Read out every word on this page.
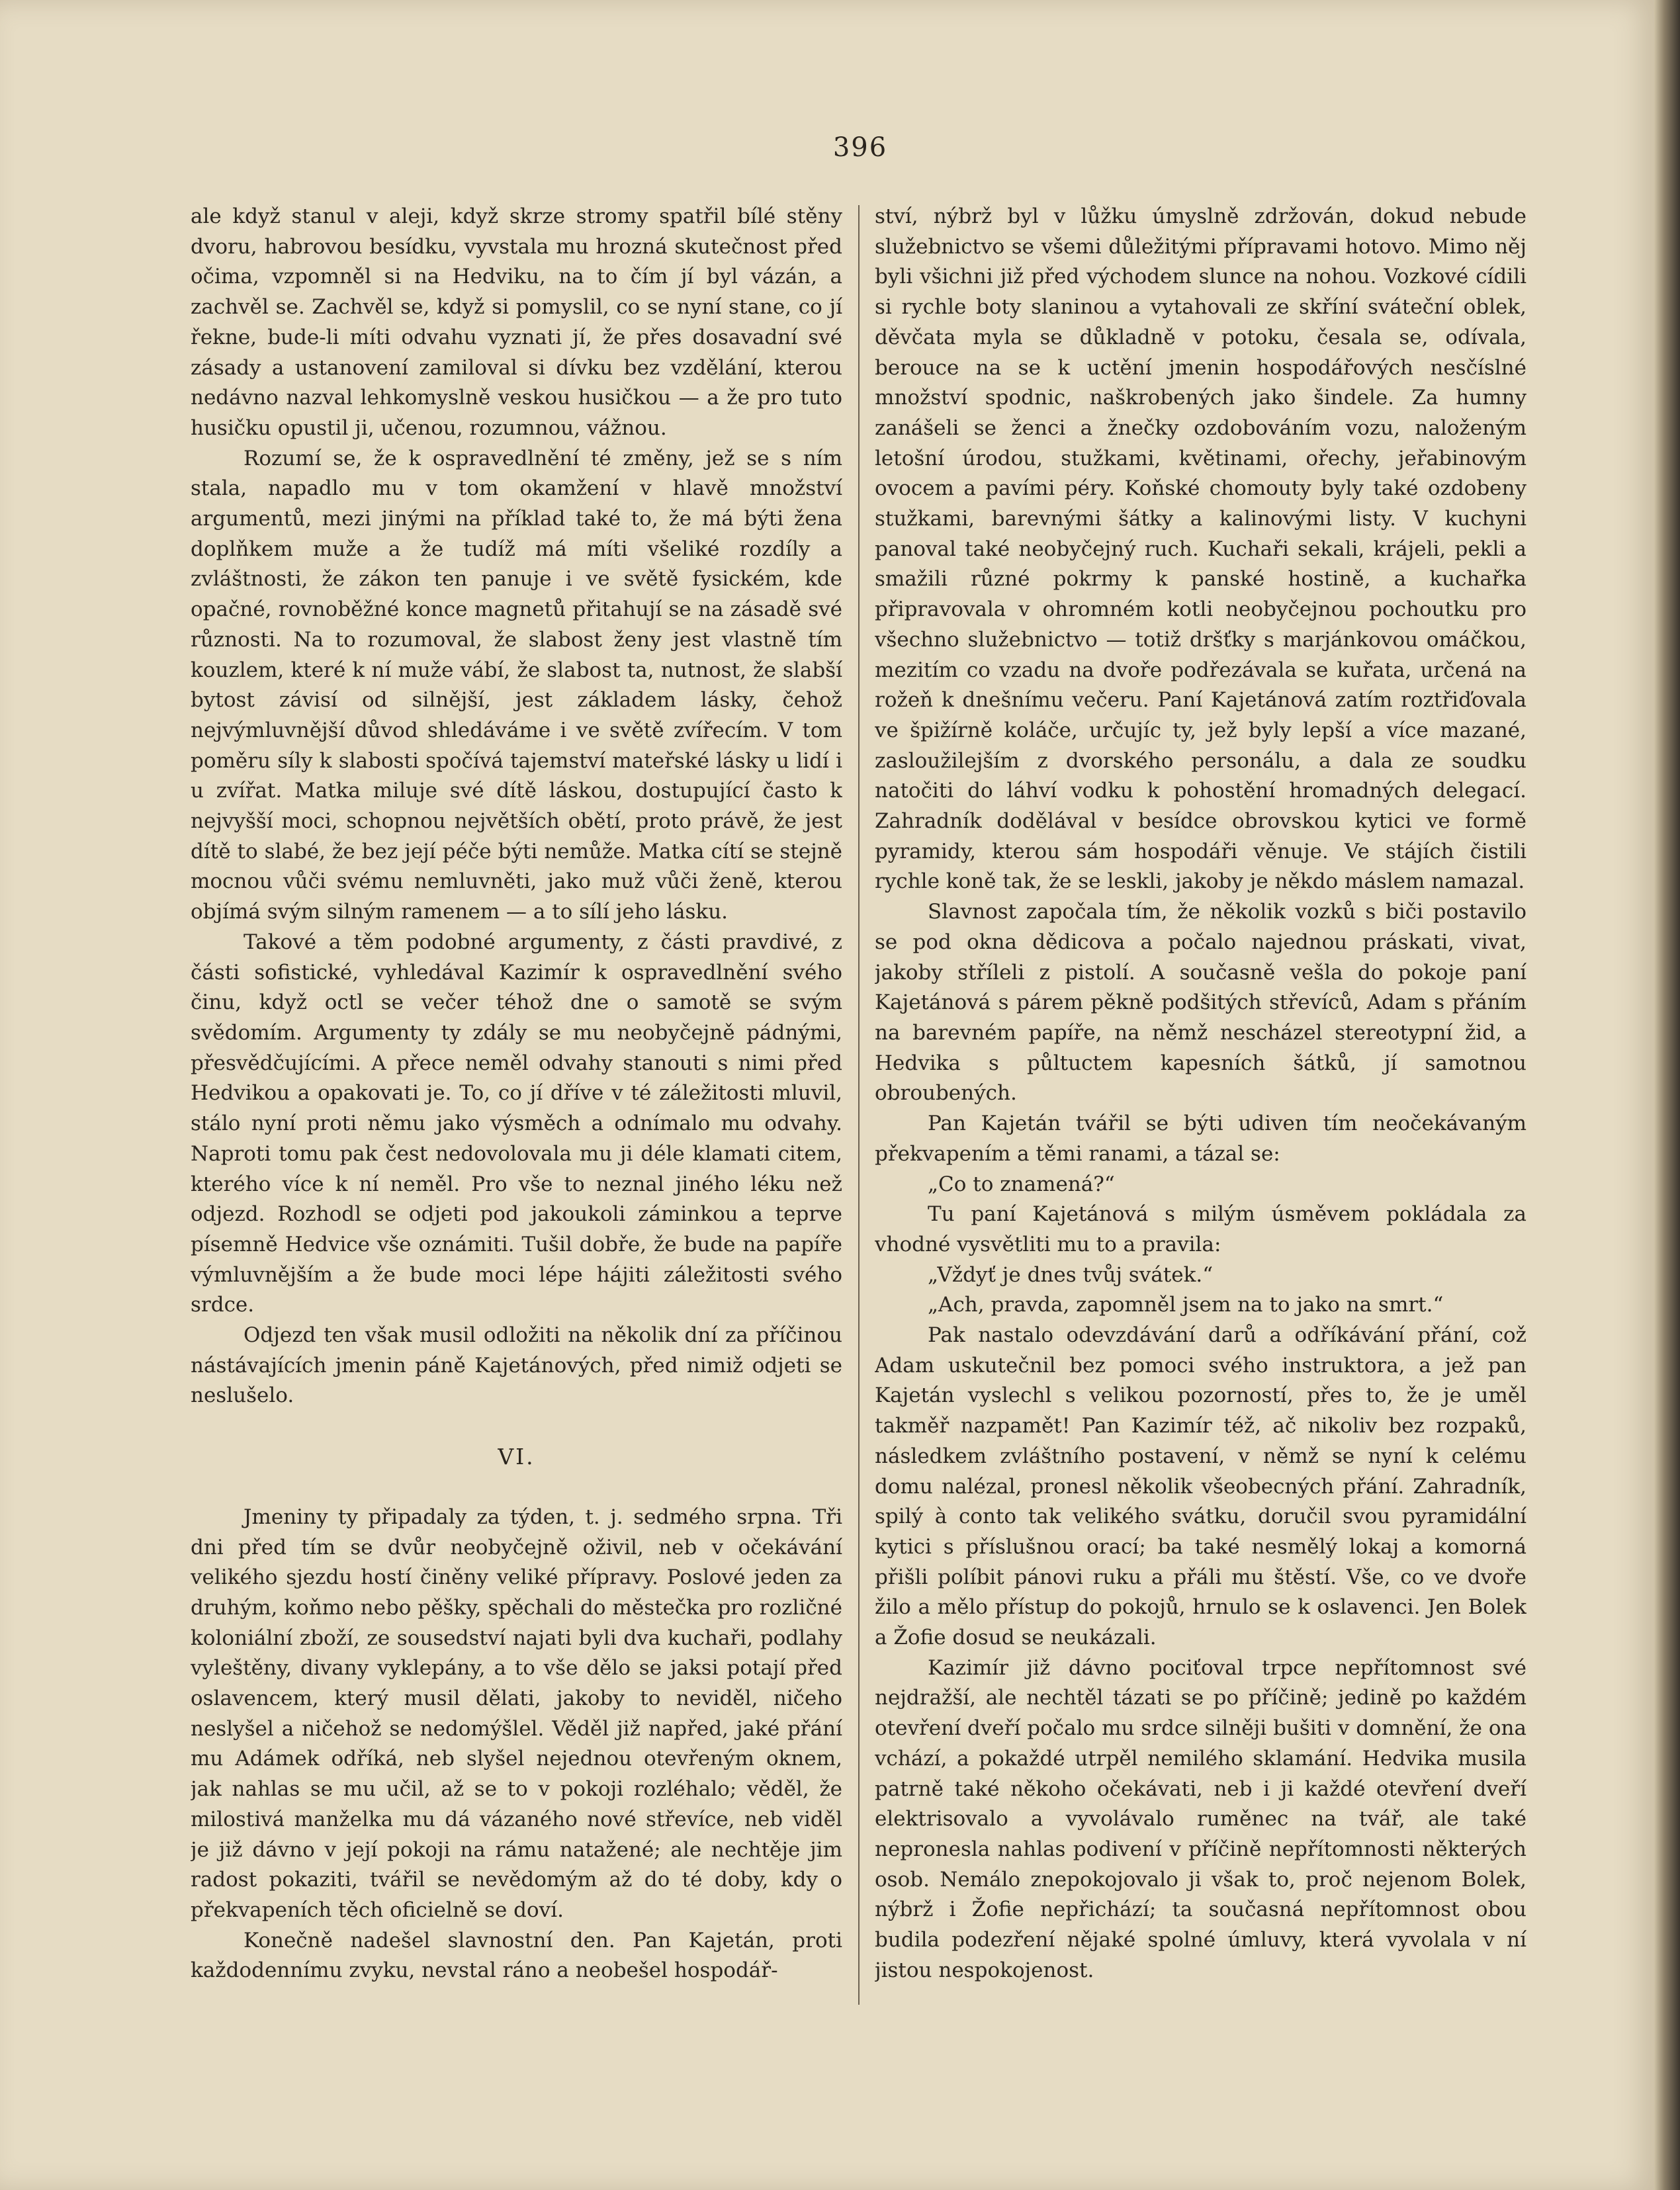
396

ale když stanul v aleji, když skrze stromy spatřil bílé stěny dvoru, habrovou besídku, vyvstala mu hrozná skutečnost před očima, vzpomněl si na Hedviku, na to čím jí byl vázán, a zachvěl se. Zachvěl se, když si pomyslil, co se nyní stane, co jí řekne, bude-li míti odvahu vyznati jí, že přes dosavadní své zásady a ustanovení zamiloval si dívku bez vzdělání, kterou nedávno nazval lehkomyslně veskou husičkou — a že pro tuto husičku opustil ji, učenou, rozumnou, vážnou.

Rozumí se, že k ospravedlnění té změny, jež se s ním stala, napadlo mu v tom okamžení v hlavě množství argumentů, mezi jinými na příklad také to, že má býti žena doplňkem muže a že tudíž má míti všeliké rozdíly a zvláštnosti, že zákon ten panuje i ve světě fysickém, kde opačné, rovnoběžné konce magnetů přitahují se na zásadě své různosti. Na to rozumoval, že slabost ženy jest vlastně tím kouzlem, které k ní muže vábí, že slabost ta, nutnost, že slabší bytost závisí od silnější, jest základem lásky, čehož nejvýmluvnější důvod shledáváme i ve světě zvířecím. V tom poměru síly k slabosti spočívá tajemství mateřské lásky u lidí i u zvířat. Matka miluje své dítě láskou, dostupující často k nejvyšší moci, schopnou největších obětí, proto právě, že jest dítě to slabé, že bez její péče býti nemůže. Matka cítí se stejně mocnou vůči svému nemluvněti, jako muž vůči ženě, kterou objímá svým silným ramenem — a to sílí jeho lásku.

Takové a těm podobné argumenty, z části pravdivé, z části sofistické, vyhledával Kazimír k ospravedlnění svého činu, když octl se večer téhož dne o samotě se svým svědomím. Argumenty ty zdály se mu neobyčejně pádnými, přesvědčujícími. A přece neměl odvahy stanouti s nimi před Hedvikou a opakovati je. To, co jí dříve v té záležitosti mluvil, stálo nyní proti němu jako výsměch a odnímalo mu odvahy. Naproti tomu pak čest nedovolovala mu ji déle klamati citem, kterého více k ní neměl. Pro vše to neznal jiného léku než odjezd. Rozhodl se odjeti pod jakoukoli záminkou a teprve písemně Hedvice vše oznámiti. Tušil dobře, že bude na papíře výmluvnějším a že bude moci lépe hájiti záležitosti svého srdce.

Odjezd ten však musil odložiti na několik dní za příčinou nástávajících jmenin páně Kajetánových, před nimiž odjeti se neslušelo.

VI.

Jmeniny ty připadaly za týden, t. j. sedmého srpna. Tři dni před tím se dvůr neobyčejně oživil, neb v očekávání velikého sjezdu hostí činěny veliké přípravy. Poslové jeden za druhým, koňmo nebo pěšky, spěchali do městečka pro rozličné koloniální zboží, ze sousedství najati byli dva kuchaři, podlahy vyleštěny, divany vyklepány, a to vše dělo se jaksi potají před oslavencem, který musil dělati, jakoby to neviděl, ničeho neslyšel a ničehož se nedomýšlel. Věděl již napřed, jaké přání mu Adámek odříká, neb slyšel nejednou otevřeným oknem, jak nahlas se mu učil, až se to v pokoji rozléhalo; věděl, že milostivá manželka mu dá vázaného nové střevíce, neb viděl je již dávno v její pokoji na rámu natažené; ale nechtěje jim radost pokaziti, tvářil se nevědomým až do té doby, kdy o překvapeních těch oficielně se doví.

Konečně nadešel slavnostní den. Pan Kajetán, proti každodennímu zvyku, nevstal ráno a neobešel hospodář-

ství, nýbrž byl v lůžku úmyslně zdržován, dokud nebude služebnictvo se všemi důležitými přípravami hotovo. Mimo něj byli všichni již před východem slunce na nohou. Vozkové cídili si rychle boty slaninou a vytahovali ze skříní sváteční oblek, děvčata myla se důkladně v potoku, česala se, odívala, berouce na se k uctění jmenin hospodářových nesčíslné množství spodnic, naškrobených jako šindele. Za humny zanášeli se ženci a žnečky ozdobováním vozu, naloženým letošní úrodou, stužkami, květinami, ořechy, jeřabinovým ovocem a pavími péry. Koňské chomouty byly také ozdobeny stužkami, barevnými šátky a kalinovými listy. V kuchyni panoval také neobyčejný ruch. Kuchaři sekali, krájeli, pekli a smažili různé pokrmy k panské hostině, a kuchařka připravovala v ohromném kotli neobyčejnou pochoutku pro všechno služebnictvo — totiž dršťky s marjánkovou omáčkou, mezitím co vzadu na dvoře podřezávala se kuřata, určená na rožeň k dnešnímu večeru. Paní Kajetánová zatím roztřiďovala ve špižírně koláče, určujíc ty, jež byly lepší a více mazané, zasloužilejším z dvorského personálu, a dala ze soudku natočiti do láhví vodku k pohostění hromadných delegací. Zahradník dodělával v besídce obrovskou kytici ve formě pyramidy, kterou sám hospodáři věnuje. Ve stájích čistili rychle koně tak, že se leskli, jakoby je někdo máslem namazal.

Slavnost započala tím, že několik vozků s biči postavilo se pod okna dědicova a počalo najednou práskati, vivat, jakoby stříleli z pistolí. A současně vešla do pokoje paní Kajetánová s párem pěkně podšitých střevíců, Adam s přáním na barevném papíře, na němž nescházel stereotypní žid, a Hedvika s půltuctem kapesních šátků, jí samotnou obroubených.

Pan Kajetán tvářil se býti udiven tím neočekávaným překvapením a těmi ranami, a tázal se:

„Co to znamená?“

Tu paní Kajetánová s milým úsměvem pokládala za vhodné vysvětliti mu to a pravila:

„Vždyť je dnes tvůj svátek.“

„Ach, pravda, zapomněl jsem na to jako na smrt.“

Pak nastalo odevzdávání darů a odříkávání přání, což Adam uskutečnil bez pomoci svého instruktora, a jež pan Kajetán vyslechl s velikou pozorností, přes to, že je uměl takměř nazpamět! Pan Kazimír též, ač nikoliv bez rozpaků, následkem zvláštního postavení, v němž se nyní k celému domu nalézal, pronesl několik všeobecných přání. Zahradník, spilý à conto tak velikého svátku, doručil svou pyramidální kytici s příslušnou orací; ba také nesmělý lokaj a komorná přišli políbit pánovi ruku a přáli mu štěstí. Vše, co ve dvoře žilo a mělo přístup do pokojů, hrnulo se k oslavenci. Jen Bolek a Žofie dosud se neukázali.

Kazimír již dávno pociťoval trpce nepřítomnost své nejdražší, ale nechtěl tázati se po příčině; jedině po každém otevření dveří počalo mu srdce silněji bušiti v domnění, že ona vchází, a pokaždé utrpěl nemilého sklamání. Hedvika musila patrně také někoho očekávati, neb i ji každé otevření dveří elektrisovalo a vyvolávalo ruměnec na tvář, ale také nepronesla nahlas podivení v příčině nepřítomnosti některých osob. Nemálo znepokojovalo ji však to, proč nejenom Bolek, nýbrž i Žofie nepřichází; ta současná nepřítomnost obou budila podezření nějaké spolné úmluvy, která vyvolala v ní jistou nespokojenost.
